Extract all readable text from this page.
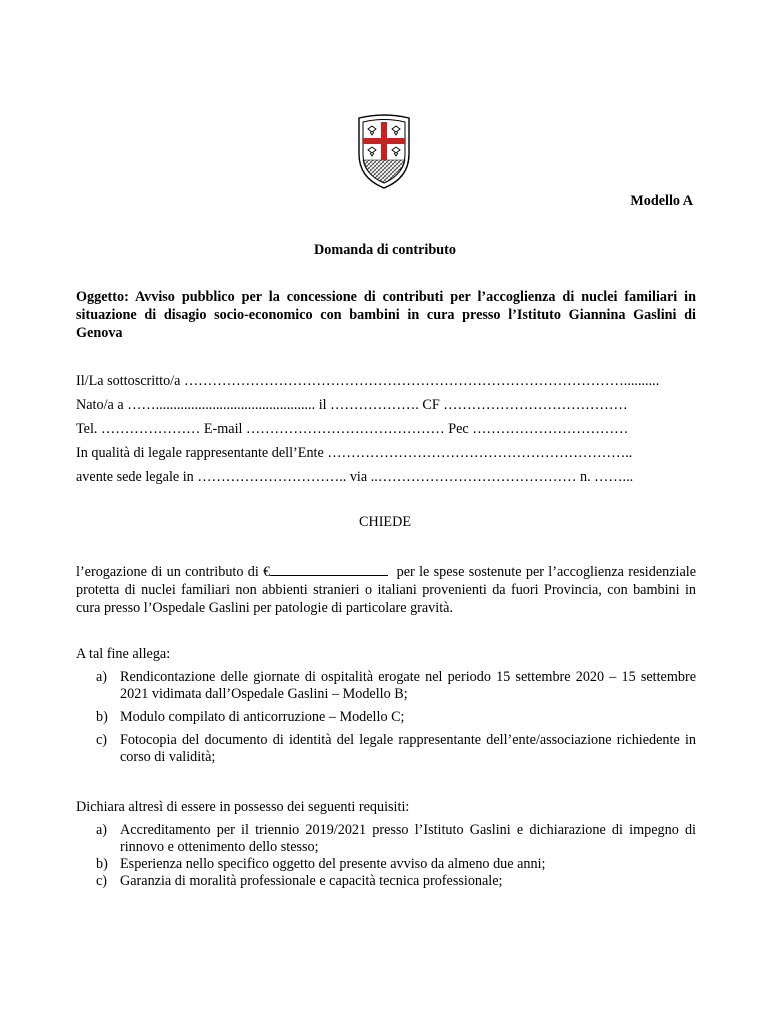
Modello A
Domanda di contributo
Oggetto: Avviso pubblico per la concessione di contributi per l’accoglienza di nuclei familiari in situazione di disagio socio-economico con bambini in cura presso l’Istituto Giannina Gaslini di Genova
Il/La sottoscritto/a …………………………………………………………………………………..........
Nato/a a ……............................................. il ………………. CF …………………………………
Tel. ………………… E-mail …………………………………… Pec ……………………………
In qualità di legale rappresentante dell’Ente ………………………………………………………..
avente sede legale in ………………………….. via ..…………………………………… n. ……...
CHIEDE
l’erogazione di un contributo di €	per le spese sostenute per l’accoglienza residenziale protetta di nuclei familiari non abbienti stranieri o italiani provenienti da fuori Provincia, con bambini in cura presso l’Ospedale Gaslini per patologie di particolare gravità.
A tal fine allega:
a) Rendicontazione delle giornate di ospitalità erogate nel periodo 15 settembre 2020 – 15 settembre 2021 vidimata dall’Ospedale Gaslini – Modello B;
b) Modulo compilato di anticorruzione – Modello C;
c) Fotocopia del documento di identità del legale rappresentante dell’ente/associazione richiedente in corso di validità;
Dichiara altresì di essere in possesso dei seguenti requisiti:
a) Accreditamento per il triennio 2019/2021 presso l’Istituto Gaslini e dichiarazione di impegno di rinnovo e ottenimento dello stesso;
b) Esperienza nello specifico oggetto del presente avviso da almeno due anni;
c) Garanzia di moralità professionale e capacità tecnica professionale;
